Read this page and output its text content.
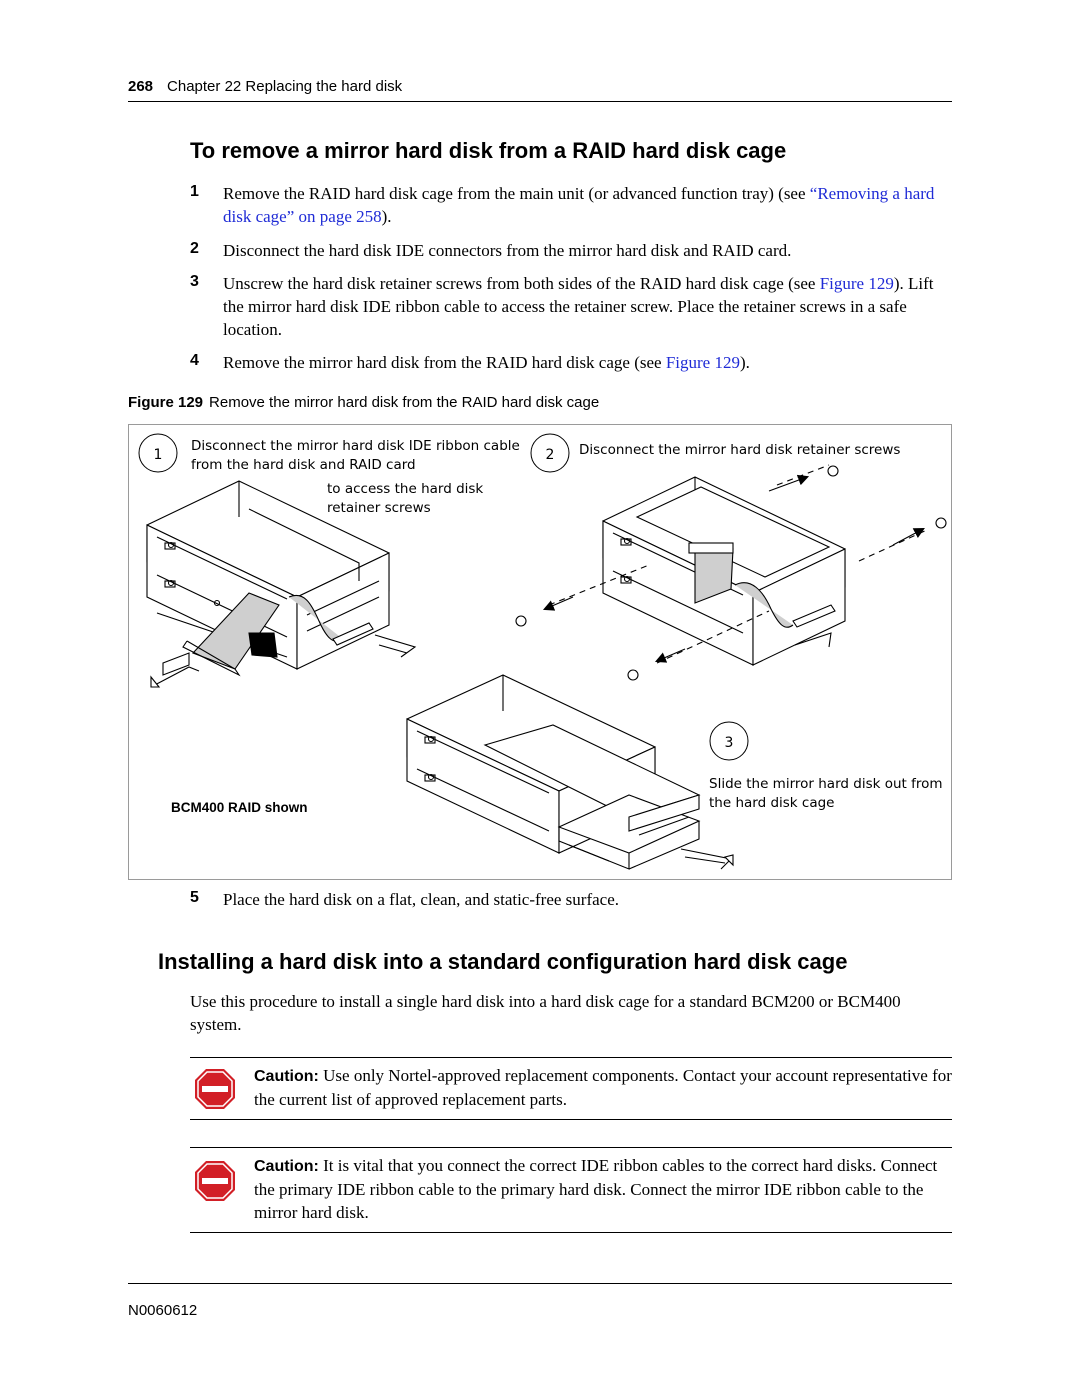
268 Chapter 22 Replacing the hard disk
To remove a mirror hard disk from a RAID hard disk cage
1 Remove the RAID hard disk cage from the main unit (or advanced function tray) (see “Removing a hard disk cage” on page 258).
2 Disconnect the hard disk IDE connectors from the mirror hard disk and RAID card.
3 Unscrew the hard disk retainer screws from both sides of the RAID hard disk cage (see Figure 129). Lift the mirror hard disk IDE ribbon cable to access the retainer screw. Place the retainer screws in a safe location.
4 Remove the mirror hard disk from the RAID hard disk cage (see Figure 129).
Figure 129 Remove the mirror hard disk from the RAID hard disk cage
1
Disconnect the mirror hard disk IDE ribbon cable
from the hard disk and RAID card
to access the hard disk
retainer screws
2 Disconnect the mirror hard disk retainer screws
3
Slide the mirror hard disk out from
the hard disk cage
BCM400 RAID shown
5 Place the hard disk on a flat, clean, and static-free surface.
Installing a hard disk into a standard configuration hard disk cage
Use this procedure to install a single hard disk into a hard disk cage for a standard BCM200 or BCM400 system.
Caution: Use only Nortel-approved replacement components. Contact your account representative for the current list of approved replacement parts.
Caution: It is vital that you connect the correct IDE ribbon cables to the correct hard disks. Connect the primary IDE ribbon cable to the primary hard disk. Connect the mirror IDE ribbon cable to the mirror hard disk.
N0060612
